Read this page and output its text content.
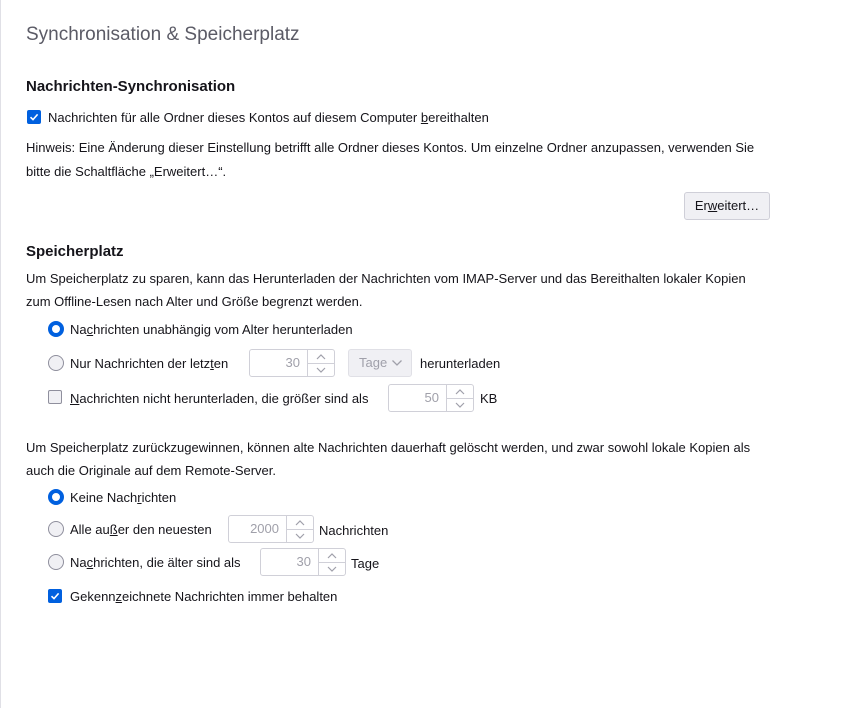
Synchronisation & Speicherplatz
Nachrichten-Synchronisation
Nachrichten für alle Ordner dieses Kontos auf diesem Computer bereithalten
Hinweis: Eine Änderung dieser Einstellung betrifft alle Ordner dieses Kontos. Um einzelne Ordner anzupassen, verwenden Sie
bitte die Schaltfläche „Erweitert…“.
Erweitert…
Speicherplatz
Um Speicherplatz zu sparen, kann das Herunterladen der Nachrichten vom IMAP-Server und das Bereithalten lokaler Kopien
zum Offline-Lesen nach Alter und Größe begrenzt werden.
Nachrichten unabhängig vom Alter herunterladen
Nur Nachrichten der letzten	30	Tage	herunterladen
Nachrichten nicht herunterladen, die größer sind als	50	KB
Um Speicherplatz zurückzugewinnen, können alte Nachrichten dauerhaft gelöscht werden, und zwar sowohl lokale Kopien als
auch die Originale auf dem Remote-Server.
Keine Nachrichten
Alle außer den neuesten	2000	Nachrichten
Nachrichten, die älter sind als	30	Tage
Gekennzeichnete Nachrichten immer behalten
